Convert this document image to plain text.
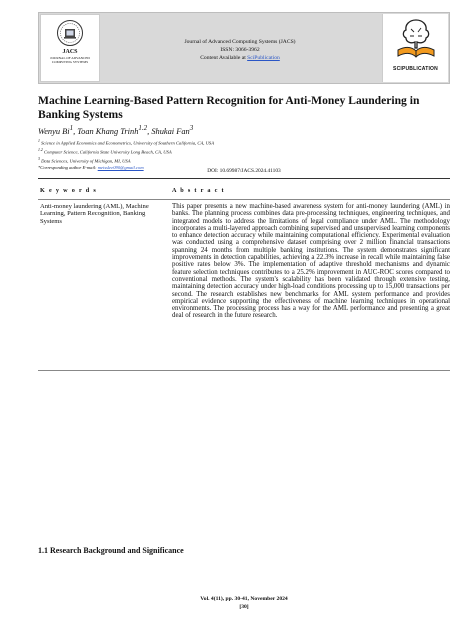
JACS
JOURNAL OF ADVANCED COMPUTING SYSTEMS
Journal of Advanced Computing Systems (JACS)
ISSN: 3066-3962
Content Available at SciPublication
SCIPUBLICATION
Machine Learning-Based Pattern Recognition for Anti-Money Laundering in Banking Systems
Wenyu Bi$^1$, Toan Khang Trinh$^{1.2}$, Shukai Fan$^3$
$^1$ Science in Applied Economics and Econometrics, University of Southern California, CA, USA
$^{1.2}$ Computer Science, California State University Long Beach, CA, USA
$^3$ Data Sciences, University of Michigan, MI, USA
*Corresponding author E-mail: meisslee090@gmail.com
DOI: 10.69987/JACS.2024.41103
K e y w o r d s	A b s t r a c t
Anti-money laundering (AML), Machine Learning, Pattern Recognition, Banking Systems
This paper presents a new machine-based awareness system for anti-money laundering (AML) in banks. The planning process combines data pre-processing techniques, engineering techniques, and integrated models to address the limitations of legal compliance under AML. The methodology incorporates a multi-layered approach combining supervised and unsupervised learning components to enhance detection accuracy while maintaining computational efficiency. Experimental evaluation was conducted using a comprehensive dataset comprising over 2 million financial transactions spanning 24 months from multiple banking institutions. The system demonstrates significant improvements in detection capabilities, achieving a 22.3% increase in recall while maintaining false positive rates below 3%. The implementation of adaptive threshold mechanisms and dynamic feature selection techniques contributes to a 25.2% improvement in AUC-ROC scores compared to conventional methods. The system's scalability has been validated through extensive testing, maintaining detection accuracy under high-load conditions processing up to 15,000 transactions per second. The research establishes new benchmarks for AML system performance and provides empirical evidence supporting the effectiveness of machine learning techniques in operational environments. The processing process has a way for the AML performance and presenting a great deal of research in the future research.
1.1 Research Background and Significance
Vol. 4(11), pp. 30-41, November 2024
[30]
